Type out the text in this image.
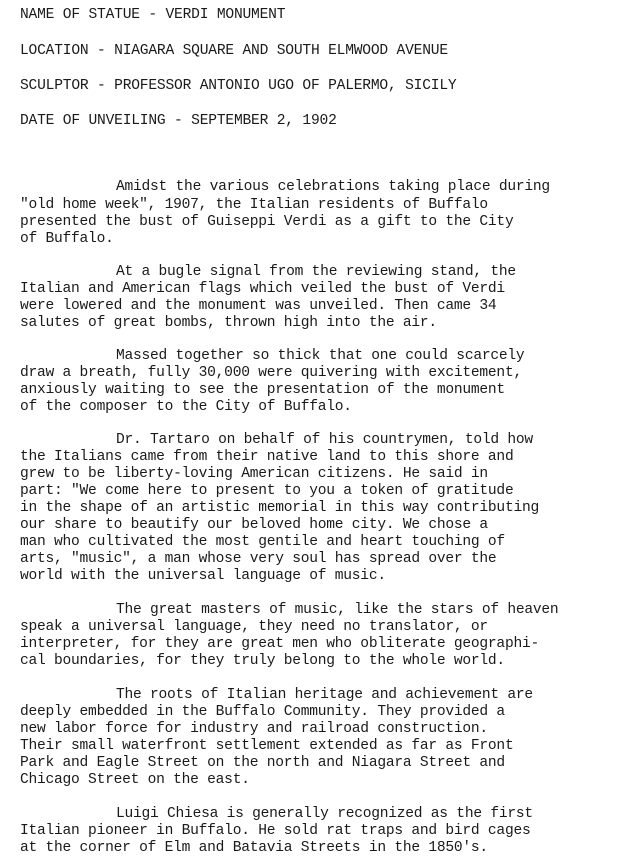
NAME OF STATUE - VERDI MONUMENT
LOCATION - NIAGARA SQUARE AND SOUTH ELMWOOD AVENUE
SCULPTOR - PROFESSOR ANTONIO UGO OF PALERMO, SICILY
DATE OF UNVEILING - SEPTEMBER 2, 1902
Amidst the various celebrations taking place during
"old home week", 1907, the Italian residents of Buffalo
presented the bust of Guiseppi Verdi as a gift to the City
of Buffalo.
At a bugle signal from the reviewing stand, the
Italian and American flags which veiled the bust of Verdi
were lowered and the monument was unveiled. Then came 34
salutes of great bombs, thrown high into the air.
Massed together so thick that one could scarcely
draw a breath, fully 30,000 were quivering with excitement,
anxiously waiting to see the presentation of the monument
of the composer to the City of Buffalo.
Dr. Tartaro on behalf of his countrymen, told how
the Italians came from their native land to this shore and
grew to be liberty-loving American citizens. He said in
part: "We come here to present to you a token of gratitude
in the shape of an artistic memorial in this way contributing
our share to beautify our beloved home city. We chose a
man who cultivated the most gentile and heart touching of
arts, "music", a man whose very soul has spread over the
world with the universal language of music.
The great masters of music, like the stars of heaven
speak a universal language, they need no translator, or
interpreter, for they are great men who obliterate geographi-
cal boundaries, for they truly belong to the whole world.
The roots of Italian heritage and achievement are
deeply embedded in the Buffalo Community. They provided a
new labor force for industry and railroad construction.
Their small waterfront settlement extended as far as Front
Park and Eagle Street on the north and Niagara Street and
Chicago Street on the east.
Luigi Chiesa is generally recognized as the first
Italian pioneer in Buffalo. He sold rat traps and bird cages
at the corner of Elm and Batavia Streets in the 1850's.
